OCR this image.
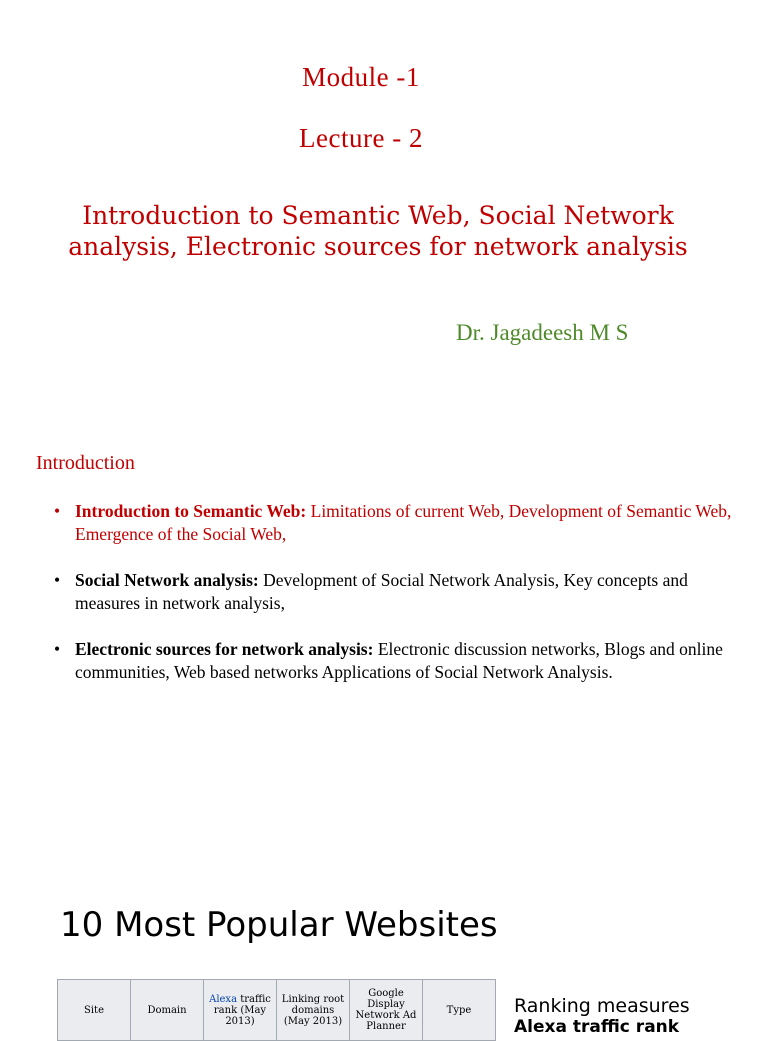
Module -1
Lecture - 2
Introduction to Semantic Web, Social Network analysis, Electronic sources for network analysis
Dr. Jagadeesh M S
Introduction
• Introduction to Semantic Web: Limitations of current Web, Development of Semantic Web, Emergence of the Social Web,
• Social Network analysis: Development of Social Network Analysis, Key concepts and measures in network analysis,
• Electronic sources for network analysis: Electronic discussion networks, Blogs and online communities, Web based networks Applications of Social Network Analysis.
10 Most Popular Websites
Site	Domain	Alexa traffic rank (May 2013)	Linking root domains (May 2013)	Google Display Network Ad Planner	Type Ranking measures
Alexa traffic rank
